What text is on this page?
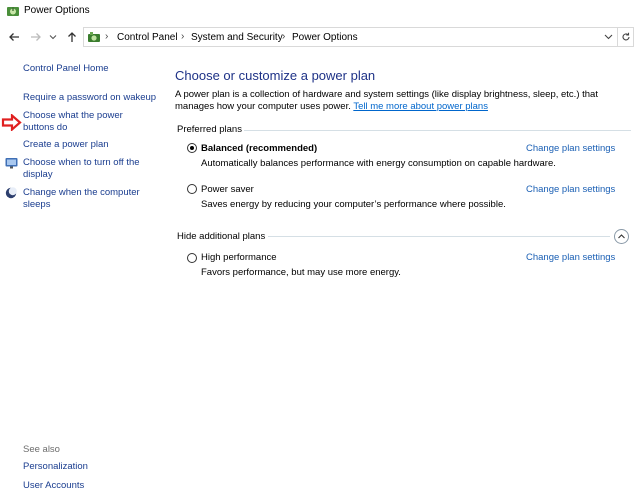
Power Options
› Control Panel › System and Security › Power Options
Control Panel Home
Require a password on wakeup
Choose what the power
buttons do
Create a power plan
Choose when to turn off the
display
Change when the computer
sleeps
See also
Personalization
User Accounts
Choose or customize a power plan
A power plan is a collection of hardware and system settings (like display brightness, sleep, etc.) that manages how your computer uses power. Tell me more about power plans
Preferred plans
Balanced (recommended)	Change plan settings
Automatically balances performance with energy consumption on capable hardware.
Power saver	Change plan settings
Saves energy by reducing your computer’s performance where possible.
Hide additional plans
High performance	Change plan settings
Favors performance, but may use more energy.
